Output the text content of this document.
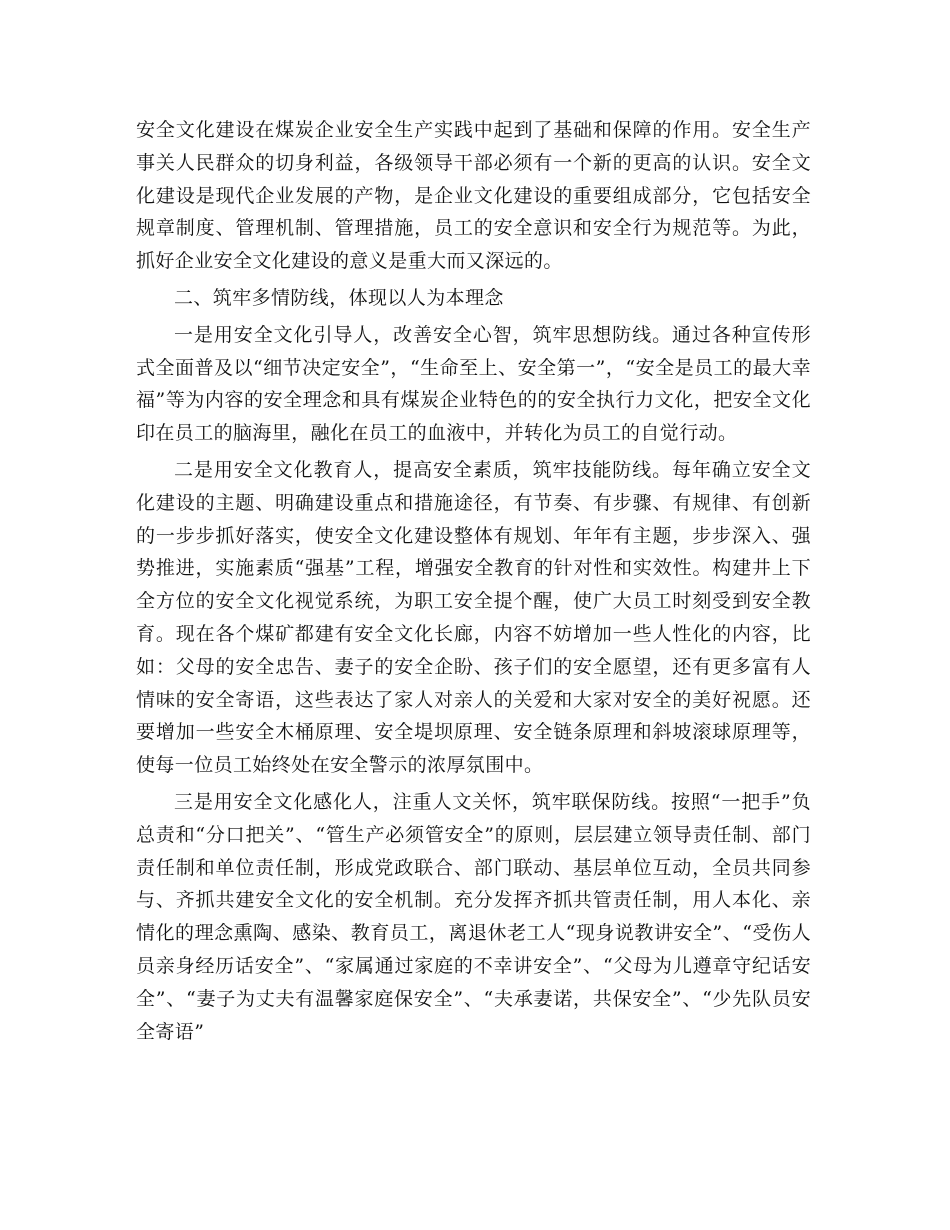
安全文化建设在煤炭企业安全生产实践中起到了基础和保障的作用。安全生产事关人民群众的切身利益，各级领导干部必须有一个新的更高的认识。安全文化建设是现代企业发展的产物，是企业文化建设的重要组成部分，它包括安全规章制度、管理机制、管理措施，员工的安全意识和安全行为规范等。为此，抓好企业安全文化建设的意义是重大而又深远的。

二、筑牢多情防线，体现以人为本理念

一是用安全文化引导人，改善安全心智，筑牢思想防线。通过各种宣传形式全面普及以“细节决定安全”，“生命至上、安全第一”，“安全是员工的最大幸福”等为内容的安全理念和具有煤炭企业特色的的安全执行力文化，把安全文化印在员工的脑海里，融化在员工的血液中，并转化为员工的自觉行动。

二是用安全文化教育人，提高安全素质，筑牢技能防线。每年确立安全文化建设的主题、明确建设重点和措施途径，有节奏、有步骤、有规律、有创新的一步步抓好落实，使安全文化建设整体有规划、年年有主题，步步深入、强势推进，实施素质“强基”工程，增强安全教育的针对性和实效性。构建井上下全方位的安全文化视觉系统，为职工安全提个醒，使广大员工时刻受到安全教育。现在各个煤矿都建有安全文化长廊，内容不妨增加一些人性化的内容，比如：父母的安全忠告、妻子的安全企盼、孩子们的安全愿望，还有更多富有人情味的安全寄语，这些表达了家人对亲人的关爱和大家对安全的美好祝愿。还要增加一些安全木桶原理、安全堤坝原理、安全链条原理和斜坡滚球原理等，使每一位员工始终处在安全警示的浓厚氛围中。

三是用安全文化感化人，注重人文关怀，筑牢联保防线。按照“一把手”负总责和“分口把关”、“管生产必须管安全”的原则，层层建立领导责任制、部门责任制和单位责任制，形成党政联合、部门联动、基层单位互动，全员共同参与、齐抓共建安全文化的安全机制。充分发挥齐抓共管责任制，用人本化、亲情化的理念熏陶、感染、教育员工，离退休老工人“现身说教讲安全”、“受伤人员亲身经历话安全”、“家属通过家庭的不幸讲安全”、“父母为儿遵章守纪话安全”、“妻子为丈夫有温馨家庭保安全”、“夫承妻诺，共保安全”、“少先队员安全寄语”
